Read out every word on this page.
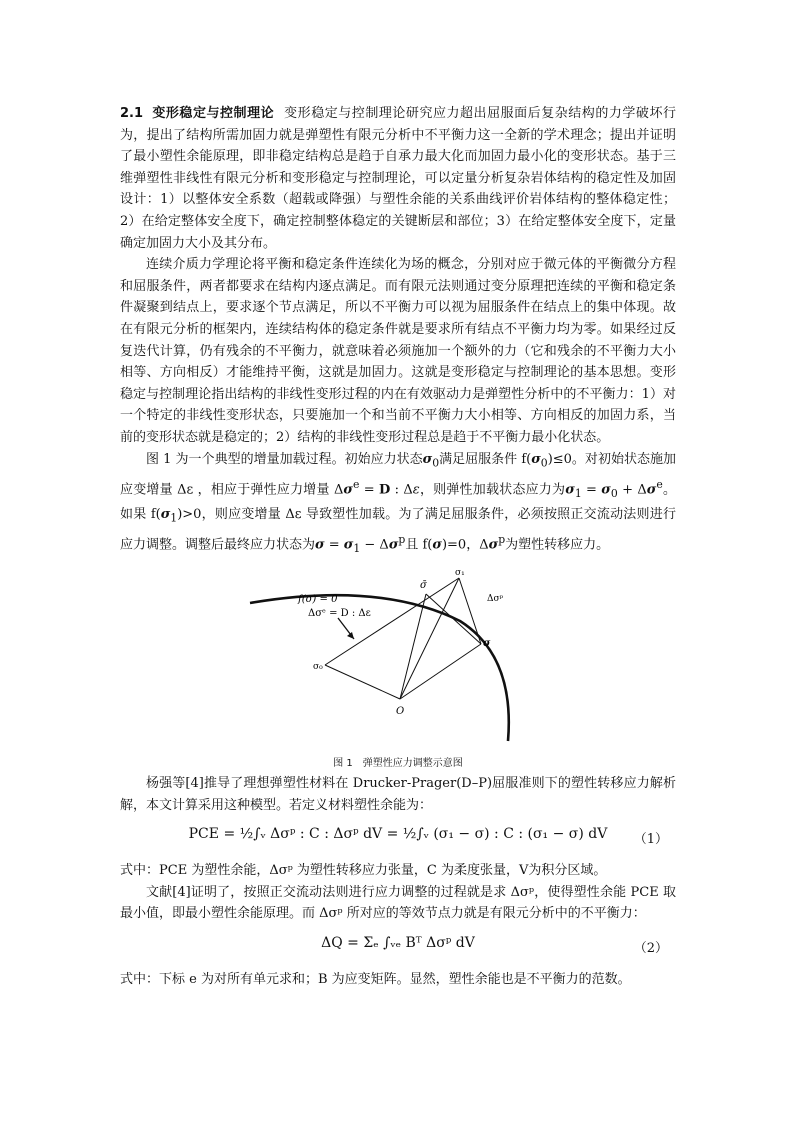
2.1 变形稳定与控制理论 变形稳定与控制理论研究应力超出屈服面后复杂结构的力学破坏行为，提出了结构所需加固力就是弹塑性有限元分析中不平衡力这一全新的学术理念；提出并证明了最小塑性余能原理，即非稳定结构总是趋于自承力最大化而加固力最小化的变形状态。基于三维弹塑性非线性有限元分析和变形稳定与控制理论，可以定量分析复杂岩体结构的稳定性及加固设计：1）以整体安全系数（超载或降强）与塑性余能的关系曲线评价岩体结构的整体稳定性；2）在给定整体安全度下，确定控制整体稳定的关键断层和部位；3）在给定整体安全度下，定量确定加固力大小及其分布。

连续介质力学理论将平衡和稳定条件连续化为场的概念，分别对应于微元体的平衡微分方程和屈服条件，两者都要求在结构内逐点满足。而有限元法则通过变分原理把连续的平衡和稳定条件凝聚到结点上，要求逐个节点满足，所以不平衡力可以视为屈服条件在结点上的集中体现。故在有限元分析的框架内，连续结构体的稳定条件就是要求所有结点不平衡力均为零。如果经过反复迭代计算，仍有残余的不平衡力，就意味着必须施加一个额外的力（它和残余的不平衡力大小相等、方向相反）才能维持平衡，这就是加固力。这就是变形稳定与控制理论的基本思想。变形稳定与控制理论指出结构的非线性变形过程的内在有效驱动力是弹塑性分析中的不平衡力：1）对一个特定的非线性变形状态，只要施加一个和当前不平衡力大小相等、方向相反的加固力系，当前的变形状态就是稳定的；2）结构的非线性变形过程总是趋于不平衡力最小化状态。

图 1 为一个典型的增量加载过程。初始应力状态$\sigma_0$满足屈服条件 $f(\sigma_0)\le 0$。对初始状态施加应变增量 Δε ，相应于弹性应力增量 $\Delta\sigma^e = D$ : Δε，则弹性加载状态应力为$\sigma_1 = \sigma_0 + \Delta\sigma^e$。如果 $f(\sigma_1)>0$，则应变增量 Δε 导致塑性加载。为了满足屈服条件，必须按照正交流动法则进行应力调整。调整后最终应力状态为$\sigma = \sigma_1 - \Delta\sigma^p$且 f(σ)=0，$\Delta\sigma^p$为塑性转移应力。

f(σ) = 0
Δσᵉ = D : Δε
Δσᵖ
σ₁
σ₀
σ
σ̄
O
图 1　弹塑性应力调整示意图

杨强等[4]推导了理想弹塑性材料在 Drucker-Prager(D–P)屈服准则下的塑性转移应力解析解，本文计算采用这种模型。若定义材料塑性余能为：

PCE = ½∫ᵥ Δσᵖ : C : Δσᵖ dV = ½∫ᵥ (σ₁ − σ) : C : (σ₁ − σ) dV	（1）

式中：PCE 为塑性余能，Δσᵖ 为塑性转移应力张量，C 为柔度张量，V为积分区域。

文献[4]证明了，按照正交流动法则进行应力调整的过程就是求 Δσᵖ，使得塑性余能 PCE 取最小值，即最小塑性余能原理。而 Δσᵖ 所对应的等效节点力就是有限元分析中的不平衡力：

ΔQ = Σₑ ∫ᵥₑ Bᵀ Δσᵖ dV	（2）

式中：下标 e 为对所有单元求和；B 为应变矩阵。显然，塑性余能也是不平衡力的范数。
